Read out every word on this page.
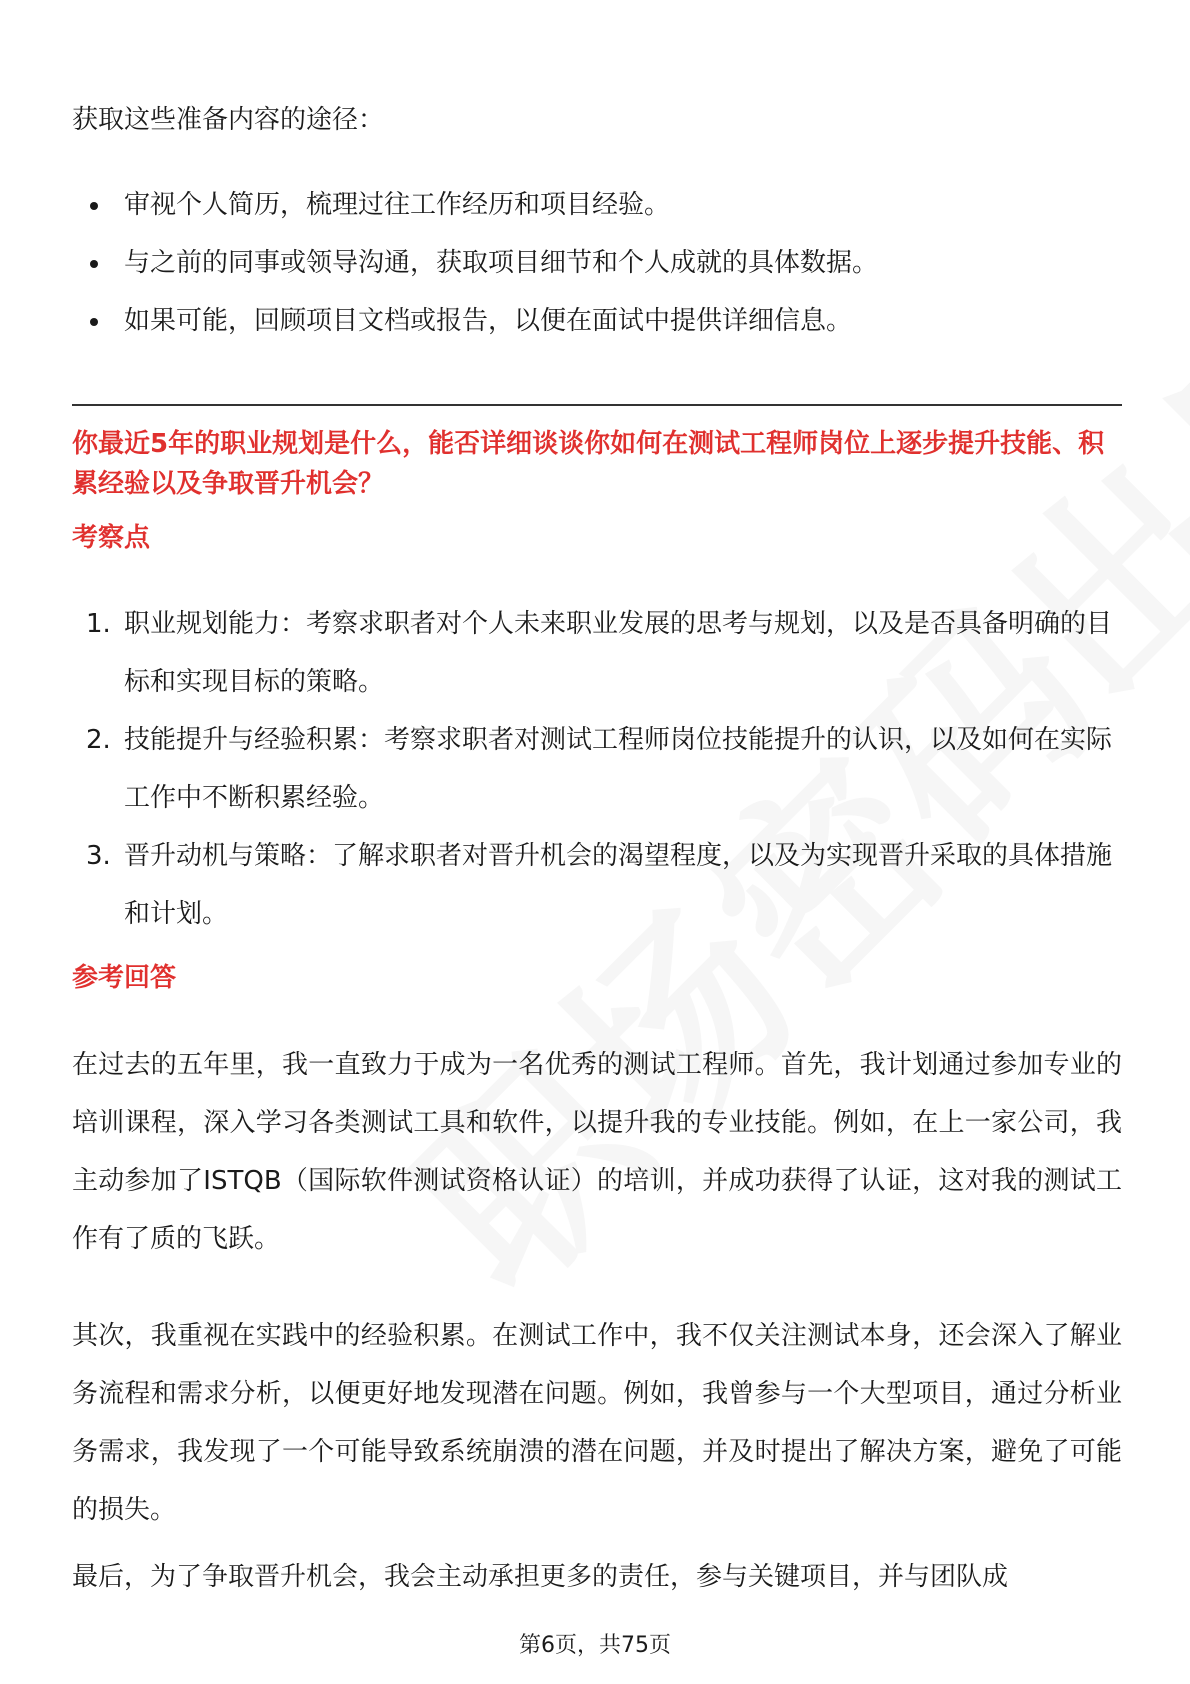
获取这些准备内容的途径：

审视个人简历，梳理过往工作经历和项目经验。
与之前的同事或领导沟通，获取项目细节和个人成就的具体数据。
如果可能，回顾项目文档或报告，以便在面试中提供详细信息。

你最近5年的职业规划是什么，能否详细谈谈你如何在测试工程师岗位上逐步提升技能、积累经验以及争取晋升机会？

考察点

1. 职业规划能力：考察求职者对个人未来职业发展的思考与规划，以及是否具备明确的目标和实现目标的策略。
2. 技能提升与经验积累：考察求职者对测试工程师岗位技能提升的认识，以及如何在实际工作中不断积累经验。
3. 晋升动机与策略：了解求职者对晋升机会的渴望程度，以及为实现晋升采取的具体措施和计划。

参考回答

在过去的五年里，我一直致力于成为一名优秀的测试工程师。首先，我计划通过参加专业的培训课程，深入学习各类测试工具和软件，以提升我的专业技能。例如，在上一家公司，我主动参加了ISTQB（国际软件测试资格认证）的培训，并成功获得了认证，这对我的测试工作有了质的飞跃。

其次，我重视在实践中的经验积累。在测试工作中，我不仅关注测试本身，还会深入了解业务流程和需求分析，以便更好地发现潜在问题。例如，我曾参与一个大型项目，通过分析业务需求，我发现了一个可能导致系统崩溃的潜在问题，并及时提出了解决方案，避免了可能的损失。

最后，为了争取晋升机会，我会主动承担更多的责任，参与关键项目，并与团队成

第6页，共75页
